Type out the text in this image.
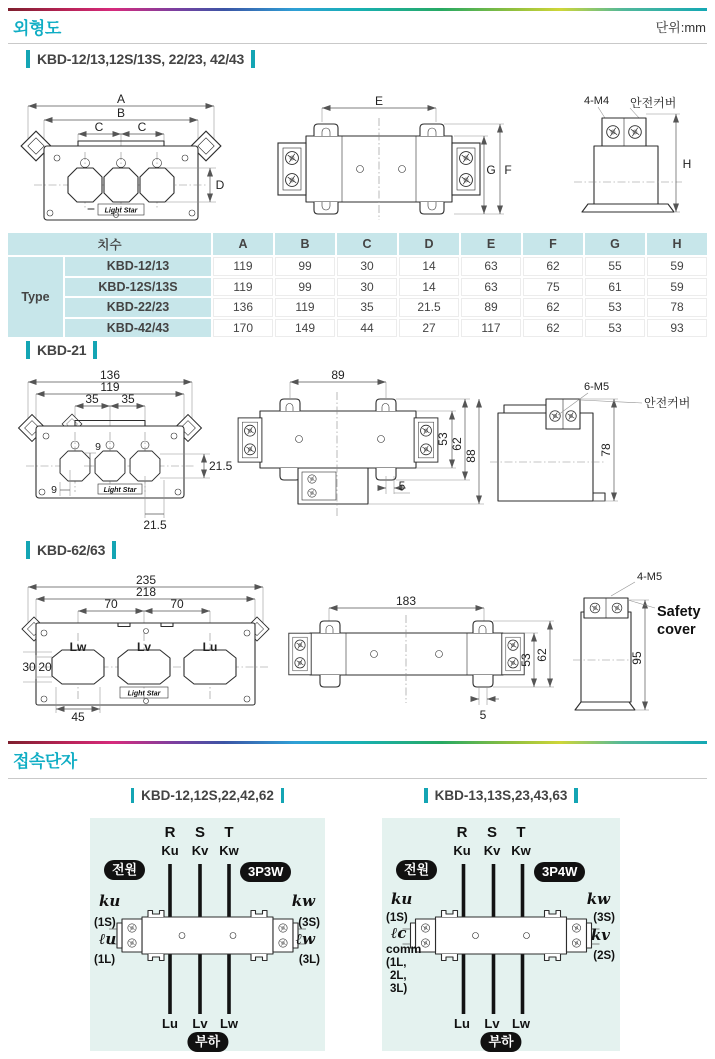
외형도	단위:mm
KBD-12/13,12S/13S, 22/23, 42/43
A
B
C	C
Light Star
D
E
G F
4-M4 안전커버
H
치수	A	B	C	D	E	F	G	H
Type
KBD-12/13	119	99	30	14	63	62	55	59
KBD-12S/13S	119	99	30	14	63	75	61	59
KBD-22/23	136	119	35	21.5	89	62	53	78
KBD-42/43	170	149	44	27	117	62	53	93
KBD-21
136
119
35 35
Light Star
9
9
21.5
21.5
89
53 62
88
5
78
6-M5
안전커버
KBD-62/63
235
218
70	70
Lw	Lv	Lu
Light Star
30 20
45
183
53 62
5
95
4-M5
Safety
cover
접속단자
KBD-12,12S,22,42,62	KBD-13,13S,23,43,63
R S T
Ku Kv Kw
전원	3P3W
ku
(1S)
ℓu
(1L)
kw
(3S)
ℓw
(3L)
Lu Lv Lw
부하
R S T
Ku Kv Kw
전원	3P4W
ku
(1S)
ℓc
comm
(1L,
2L,
3L)
kw
(3S)
kv
(2S)
Lu Lv Lw
부하
